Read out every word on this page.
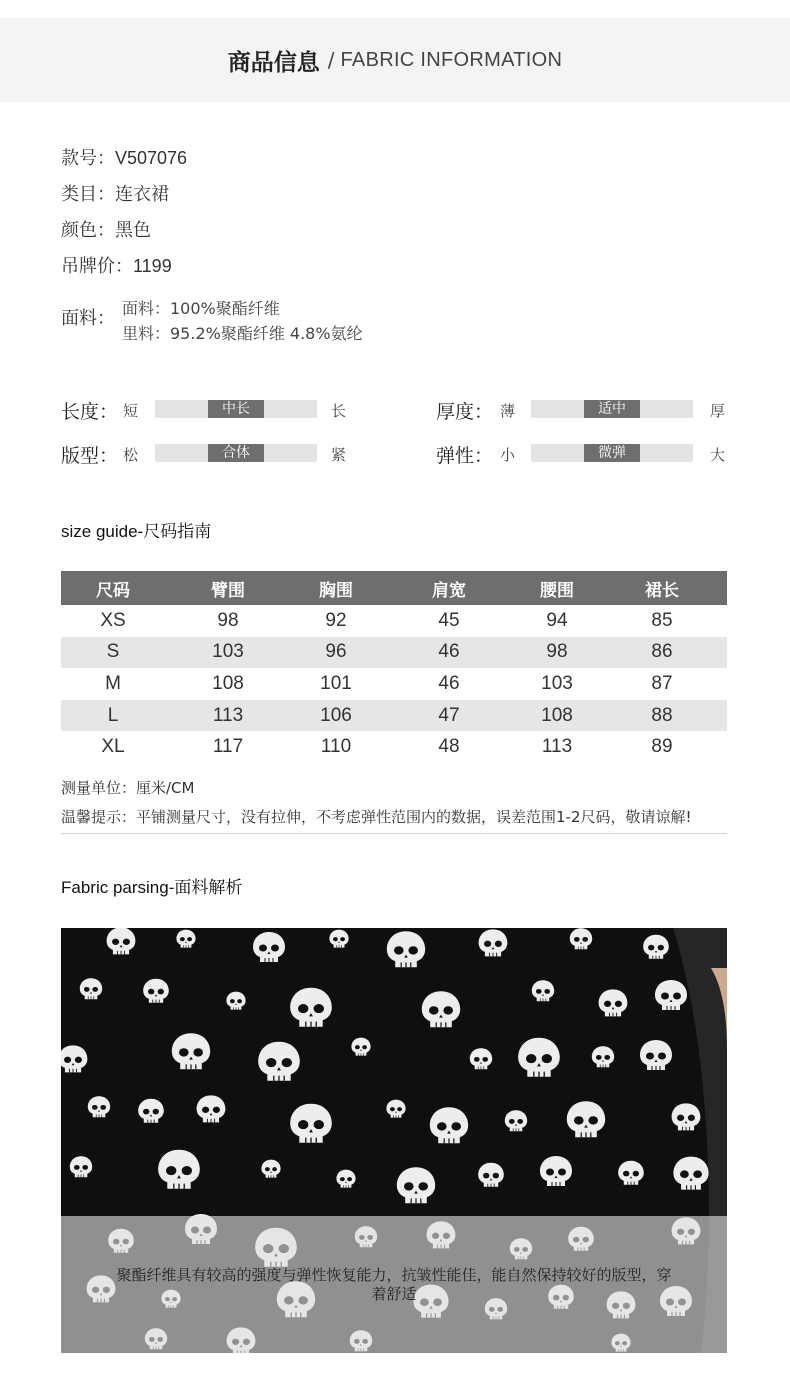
商品信息 / FABRIC INFORMATION
款号：V507076
类目：连衣裙
颜色：黑色
吊牌价：1199
面料： 面料：100%聚酯纤维
里料：95.2%聚酯纤维 4.8%氨纶
长度： 短	中长	长	厚度： 薄	适中	厚
版型： 松	合体	紧	弹性： 小	微弹	大
size guide-尺码指南
尺码	臂围	胸围	肩宽	腰围	裙长
XS	98	92	45	94	85
S	103	96	46	98	86
M	108	101	46	103	87
L	113	106	47	108	88
XL	117	110	48	113	89
测量单位：厘米/CM
温馨提示：平铺测量尺寸，没有拉伸，不考虑弹性范围内的数据，误差范围1-2尺码，敬请谅解!
Fabric parsing-面料解析
聚酯纤维具有较高的强度与弹性恢复能力，抗皱性能佳，能自然保持较好的版型，穿着舒适
